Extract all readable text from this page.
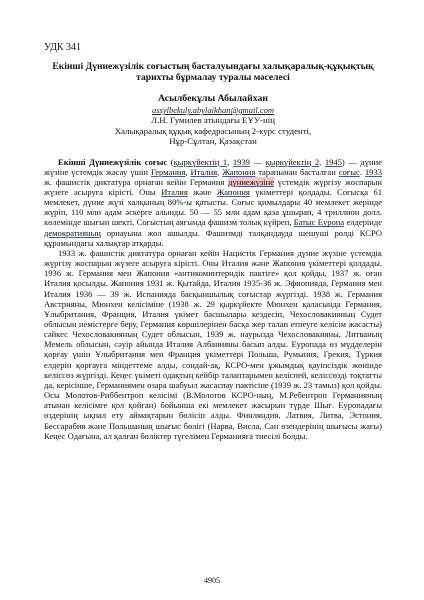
УДК 341
Екінші Дүниежүзілік соғыстың басталуындағы халықаралық-құқықтық тарихты бұрмалау туралы мәселесі
Асылбекұлы Абылайхан
assylbekuly.abylaikhan@gmail.com
Л.Н. Гумилев атындағы ЕҰУ-нің
Халықаралық құқық кафедрасының 2-курс студенті,
Нұр-Сұлтан, Қазақстан

Екінші Дүниежүзілік соғыс (қыркүйектің 1, 1939 — қыркүйектің 2, 1945) — дүние жүзіне үстемдік жасау үшін Германия, Италия, Жапония тарапынан басталған соғыс. 1933 ж. фашистік диктатура орнаған кейін Германия дүниежүзіне үстемдік жүргізу жоспарын жүзеге асыруға кірісті. Оны Италия және Жапония үкіметтері қолдады. Соғысқа 61 мемлекет, дүние жүзі халқының 80%-ы қатысты. Соғыс қимылдары 40 мемлекет жерінде жүріп, 110 млн адам әскерге алынды. 50 — 55 млн адам қаза ұшырап, 4 триллион долл. көлемінде шығын шекті. Соғыстың аяғында фашизм толық күйреп, Батыс Еуропа елдерінде демократияның орнауына жол ашылды. Фашизмді талқандауда шешуші рөлді КСРО құрамындағы халықтар атқарды.

1933 ж. фашистік диктатура орнаған кейін Нацистік Германия дүние жүзіне үстемдік жүргізу жоспарын жүзеге асыруға кірісті. Оны Италия және Жапония үкіметтері қолдады. 1936 ж. Германия мен Жапония «антикоминтерндік пактіге» қол қойды, 1937 ж. оған Италия қосылды. Жапония 1931 ж. Қытайда, Италия 1935-36 ж. Эфиопияда, Германия мен Италия 1936 — 39 ж. Испанияда басқыншылық соғыстар жүргізді. 1938 ж. Германия Австрияны, Мюнхен келісіміне (1938 ж. 29 қыркүйекте Мюнхен қаласында Германия, Ұлыбритания, Франция, Италия үкімет басшылары кездесіп, Чехословакияның Судет облысын немістерге беру, Германия көршілерінен басқа жер талап етпеуге келісім жасасты) сәйкес Чехословакияның Судет облысын, 1939 ж. наурызда Чехословакияны, Литваның Мемель облысын, сәуір айында Италия Албанияны басып алды. Еуропада өз мүдделерін қорғау үшін Ұлыбритания мен Франция үкіметтері Польша, Румыния, Грекия, Түркия елдерін қорғауға міндеттеме алды, сондай-ақ, КСРО-мен ұжымдық қауіпсіздік жөнінде келіссөз жүргізді. Кеңес үкіметі одақтың кейбір талаптарымен келіспей, келіссөзді тоқтатты да, керісінше, Германиямен өзара шабуыл жасаспау пактісіне (1939 ж. 23 тамыз) қол қойды. Осы Молотов-Риббентроп келісімі (В.Молотов КСРО-ның, М.Ребентроп Германияның атынан келісімге қол қойған) бойынша екі мемлекет жасырын түрде Шығ. Еуропадағы өздерінің ықпал ету аймақтарын бөлісіп алды. Финляндия, Латвия, Литва, Эстония, Бессарабия және Польшаның шығыс бөлігі (Нарва, Висла, Сан өзендерінің шығысы жағы) Кеңес Одағына, ал қалған бөліктер түгелімен Германияға тиесілі болды.

4905
